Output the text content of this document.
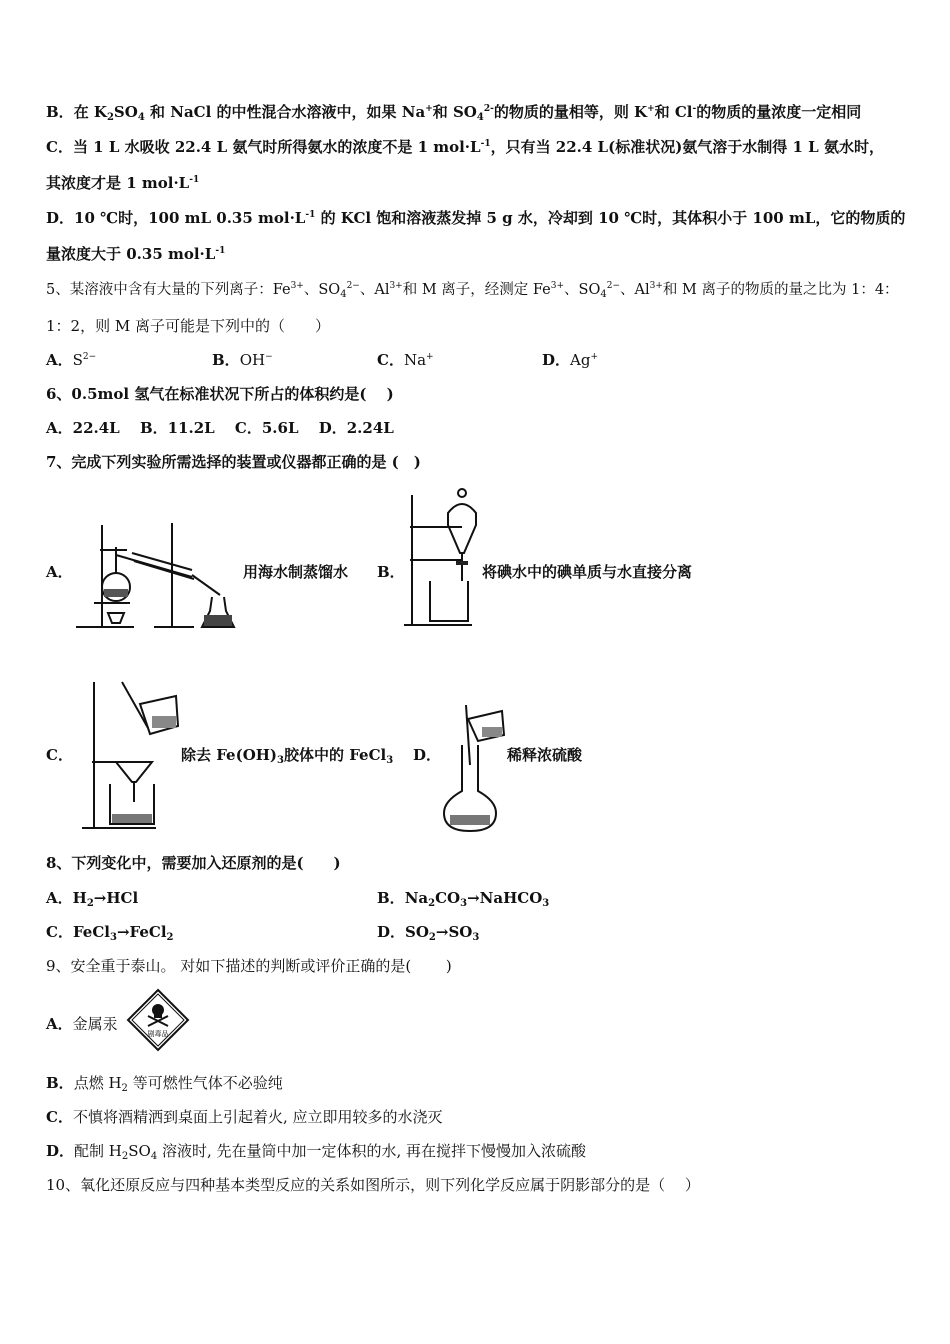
B．在 $K_2SO_4$ 和 NaCl 的中性混合水溶液中，如果 Na+和 $SO_4^{2-}$的物质的量相等，则 K+和 Cl-的物质的量浓度一定相同
C．当 1 L 水吸收 22.4 L 氨气时所得氨水的浓度不是 1 $mol\cdot L^{-1}$，只有当 22.4 L(标准状况)氨气溶于水制得 1 L 氨水时，
其浓度才是 1 $mol\cdot L^{-1}$
D．10 ℃时，100 mL 0.35 $mol\cdot L^{-1}$ 的 KCl 饱和溶液蒸发掉 5 g 水，冷却到 10 ℃时，其体积小于 100 mL，它的物质的
量浓度大于 0.35 $mol\cdot L^{-1}$
5、某溶液中含有大量的下列离子：$Fe^{3+}$、$SO_4^{2-}$、$Al^{3+}$和 M 离子，经测定 $Fe^{3+}$、$SO_4^{2-}$、$Al^{3+}$和 M 离子的物质的量之比为 1：4：
1：2，则 M 离子可能是下列中的（　　）
A．$S^{2-}$	B．OH−	C．Na+	D．Ag+
6、0.5mol 氢气在标准状况下所占的体积约是(　 )
A．22.4L　 B．11.2L　 C．5.6L　 D．2.24L
7、完成下列实验所需选择的装置或仪器都正确的是 (　)
A．	用海水制蒸馏水 B．	将碘水中的碘单质与水直接分离
C．	除去 $Fe(OH)_3$胶体中的 FeCl$_3$ D．	稀释浓硫酸
8、下列变化中，需要加入还原剂的是(　　)
A．$H_2\to HCl$	B．$Na_2CO_3\to NaHCO_3$
C．FeCl$_3$→FeCl$_2$	D．$SO_2\to SO_3$
9、安全重于泰山。 对如下描述的判断或评价正确的是(　　 )
A．金属汞
剧毒品
B．点燃 $H_2$ 等可燃性气体不必验纯
C．不慎将酒精洒到桌面上引起着火, 应立即用较多的水浇灭
D．配制 $H_2SO_4$ 溶液时, 先在量筒中加一定体积的水, 再在搅拌下慢慢加入浓硫酸
10、氧化还原反应与四种基本类型反应的关系如图所示，则下列化学反应属于阴影部分的是（　 ）
